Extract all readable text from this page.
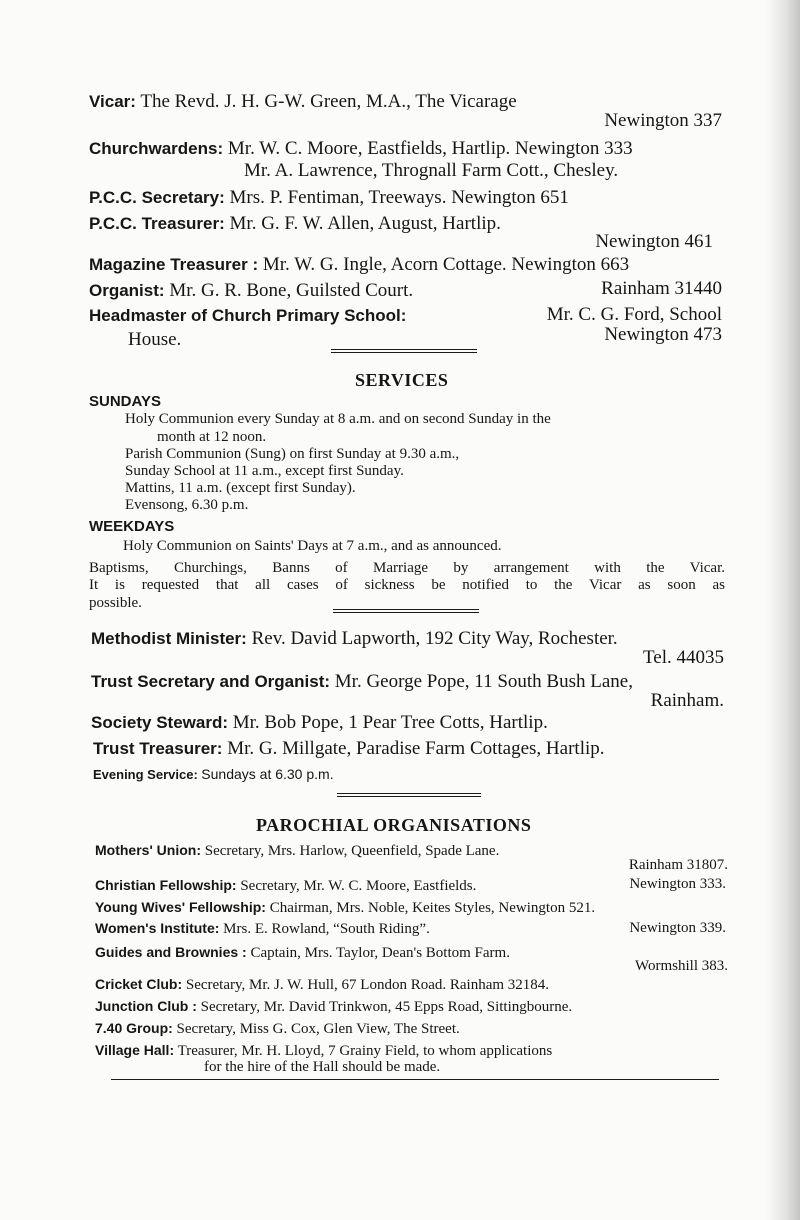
Vicar: The Revd. J. H. G-W. Green, M.A., The Vicarage
Newington 337
Churchwardens: Mr. W. C. Moore, Eastfields, Hartlip. Newington 333
Mr. A. Lawrence, Thrognall Farm Cott., Chesley.
P.C.C. Secretary: Mrs. P. Fentiman, Treeways. Newington 651
P.C.C. Treasurer: Mr. G. F. W. Allen, August, Hartlip.
Newington 461
Magazine Treasurer : Mr. W. G. Ingle, Acorn Cottage. Newington 663
Organist: Mr. G. R. Bone, Guilsted Court.	Rainham 31440
Headmaster of Church Primary School:	Mr. C. G. Ford, School
House.	Newington 473
SERVICES
SUNDAYS
Holy Communion every Sunday at 8 a.m. and on second Sunday in the
month at 12 noon.
Parish Communion (Sung) on first Sunday at 9.30 a.m.,
Sunday School at 11 a.m., except first Sunday.
Mattins, 11 a.m. (except first Sunday).
Evensong, 6.30 p.m.
WEEKDAYS
Holy Communion on Saints' Days at 7 a.m., and as announced.
Baptisms, Churchings, Banns of Marriage by arrangement with the Vicar.
It is requested that all cases of sickness be notified to the Vicar as soon as
possible.
Methodist Minister: Rev. David Lapworth, 192 City Way, Rochester.
Tel. 44035
Trust Secretary and Organist: Mr. George Pope, 11 South Bush Lane,
Rainham.
Society Steward: Mr. Bob Pope, 1 Pear Tree Cotts, Hartlip.
Trust Treasurer: Mr. G. Millgate, Paradise Farm Cottages, Hartlip.
Evening Service: Sundays at 6.30 p.m.
PAROCHIAL ORGANISATIONS
Mothers' Union: Secretary, Mrs. Harlow, Queenfield, Spade Lane.
Rainham 31807.
Christian Fellowship: Secretary, Mr. W. C. Moore, Eastfields.	Newington 333.
Young Wives' Fellowship: Chairman, Mrs. Noble, Keites Styles, Newington 521.
Women's Institute: Mrs. E. Rowland, “South Riding”.	Newington 339.
Guides and Brownies : Captain, Mrs. Taylor, Dean's Bottom Farm.
Wormshill 383.
Cricket Club: Secretary, Mr. J. W. Hull, 67 London Road. Rainham 32184.
Junction Club : Secretary, Mr. David Trinkwon, 45 Epps Road, Sittingbourne.
7.40 Group: Secretary, Miss G. Cox, Glen View, The Street.
Village Hall: Treasurer, Mr. H. Lloyd, 7 Grainy Field, to whom applications
for the hire of the Hall should be made.
